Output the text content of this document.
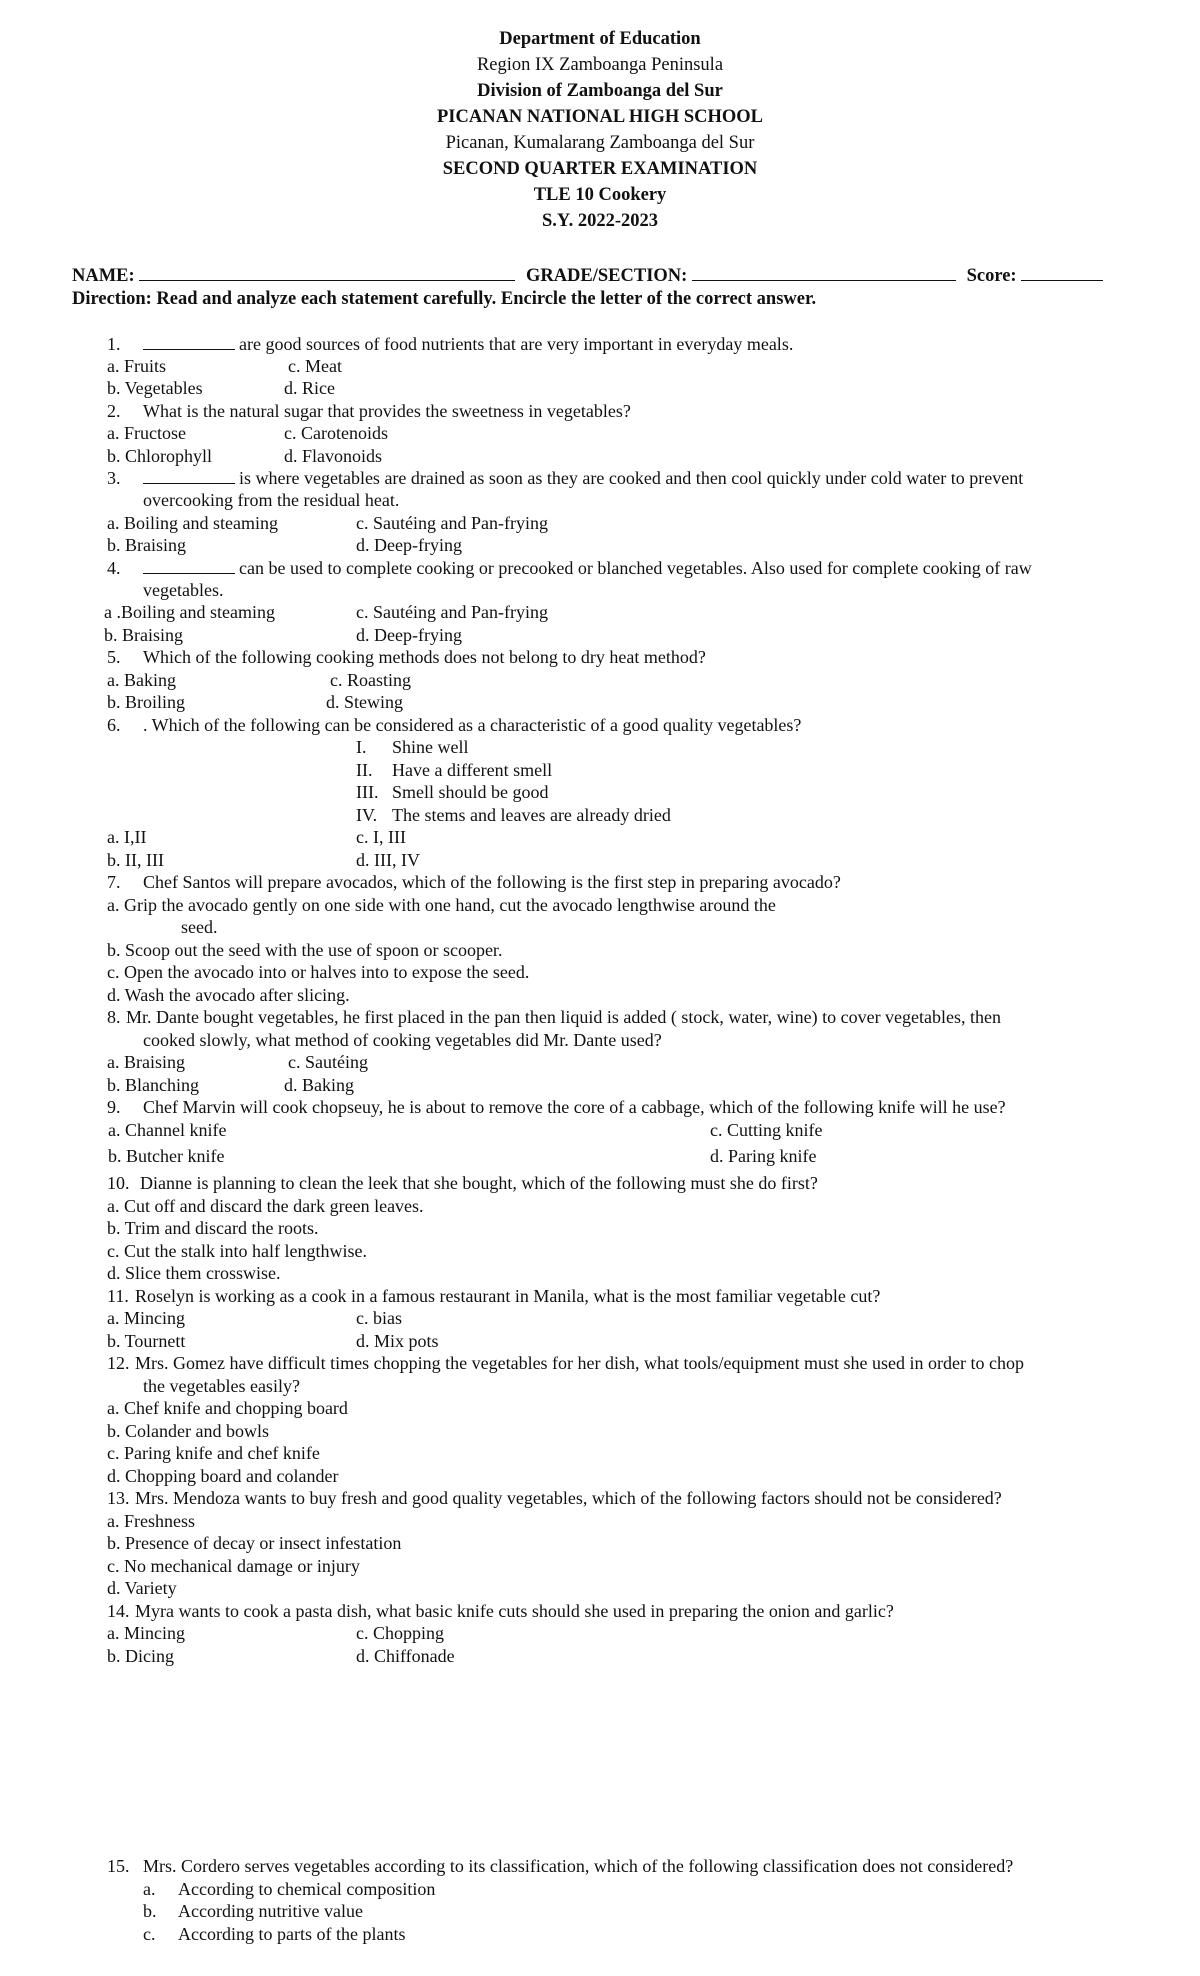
Department of Education
Region IX Zamboanga Peninsula
Division of Zamboanga del Sur
PICANAN NATIONAL HIGH SCHOOL
Picanan, Kumalarang Zamboanga del Sur
SECOND QUARTER EXAMINATION
TLE 10 Cookery
S.Y. 2022-2023
NAME:	GRADE/SECTION:	Score:
Direction: Read and analyze each statement carefully. Encircle the letter of the correct answer.
1.	are good sources of food nutrients that are very important in everyday meals.
a. Fruits	c. Meat
b. Vegetables	d. Rice
2. What is the natural sugar that provides the sweetness in vegetables?
a. Fructose	c. Carotenoids
b. Chlorophyll	d. Flavonoids
3.	is where vegetables are drained as soon as they are cooked and then cool quickly under cold water to prevent
overcooking from the residual heat.
a. Boiling and steaming	c. Sautéing and Pan-frying
b. Braising	d. Deep-frying
4.	can be used to complete cooking or precooked or blanched vegetables. Also used for complete cooking of raw
vegetables.
a .Boiling and steaming	c. Sautéing and Pan-frying
b. Braising	d. Deep-frying
5. Which of the following cooking methods does not belong to dry heat method?
a. Baking	c. Roasting
b. Broiling	d. Stewing
6. . Which of the following can be considered as a characteristic of a good quality vegetables?
I. Shine well
II. Have a different smell
III. Smell should be good
IV. The stems and leaves are already dried
a. I,II	c. I, III
b. II, III	d. III, IV
7. Chef Santos will prepare avocados, which of the following is the first step in preparing avocado?
a. Grip the avocado gently on one side with one hand, cut the avocado lengthwise around the
seed.
b. Scoop out the seed with the use of spoon or scooper.
c. Open the avocado into or halves into to expose the seed.
d. Wash the avocado after slicing.
8. Mr. Dante bought vegetables, he first placed in the pan then liquid is added ( stock, water, wine) to cover vegetables, then
cooked slowly, what method of cooking vegetables did Mr. Dante used?
a. Braising	c. Sautéing
b. Blanching	d. Baking
9. Chef Marvin will cook chopseuy, he is about to remove the core of a cabbage, which of the following knife will he use?
a. Channel knife	c. Cutting knife
b. Butcher knife	d. Paring knife
10. Dianne is planning to clean the leek that she bought, which of the following must she do first?
a. Cut off and discard the dark green leaves.
b. Trim and discard the roots.
c. Cut the stalk into half lengthwise.
d. Slice them crosswise.
11. Roselyn is working as a cook in a famous restaurant in Manila, what is the most familiar vegetable cut?
a. Mincing	c. bias
b. Tournett	d. Mix pots
12. Mrs. Gomez have difficult times chopping the vegetables for her dish, what tools/equipment must she used in order to chop
the vegetables easily?
a. Chef knife and chopping board
b. Colander and bowls
c. Paring knife and chef knife
d. Chopping board and colander
13. Mrs. Mendoza wants to buy fresh and good quality vegetables, which of the following factors should not be considered?
a. Freshness
b. Presence of decay or insect infestation
c. No mechanical damage or injury
d. Variety
14. Myra wants to cook a pasta dish, what basic knife cuts should she used in preparing the onion and garlic?
a. Mincing	c. Chopping
b. Dicing	d. Chiffonade
15. Mrs. Cordero serves vegetables according to its classification, which of the following classification does not considered?
a. According to chemical composition
b. According nutritive value
c. According to parts of the plants
